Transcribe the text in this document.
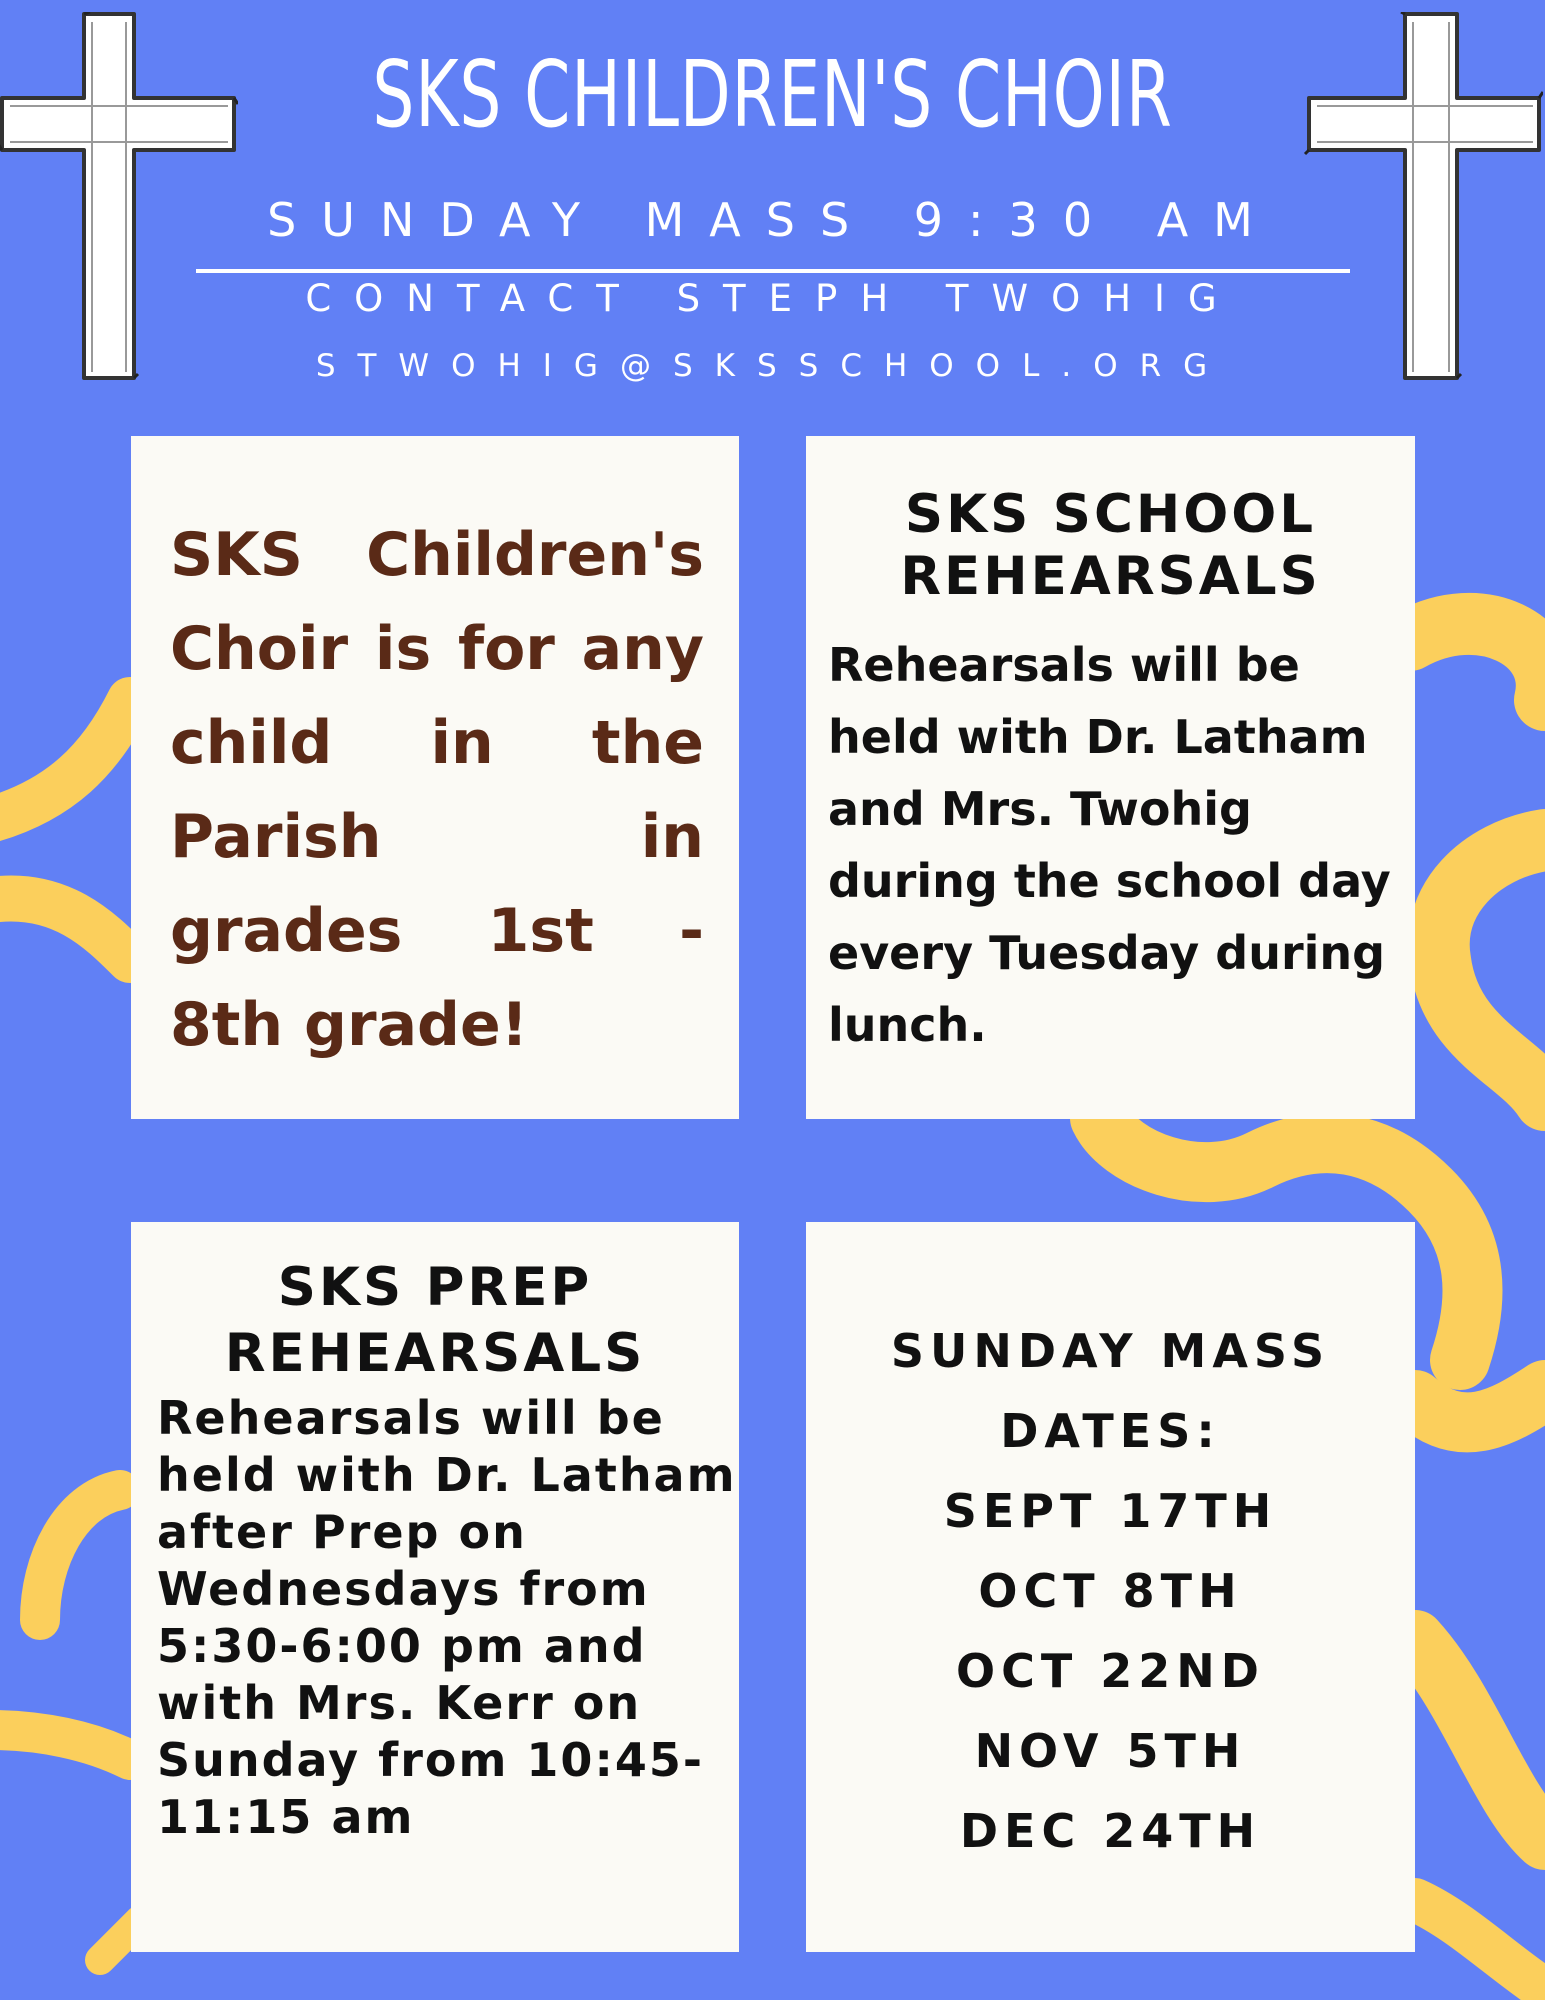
SKS CHILDREN'S CHOIR
SUNDAY MASS 9:30 AM
CONTACT STEPH TWOHIG
STWOHIG@SKSSCHOOL.ORG

SKS Children's Choir is for any child in the Parish in grades 1st - 8th grade!

SKS SCHOOL REHEARSALS

Rehearsals will be held with Dr. Latham and Mrs. Twohig during the school day every Tuesday during lunch.

SKS PREP REHEARSALS

Rehearsals will be held with Dr. Latham after Prep on Wednesdays from 5:30-6:00 pm and with Mrs. Kerr on Sunday from 10:45-11:15 am

SUNDAY MASS DATES:
SEPT 17TH
OCT 8TH
OCT 22ND
NOV 5TH
DEC 24TH
